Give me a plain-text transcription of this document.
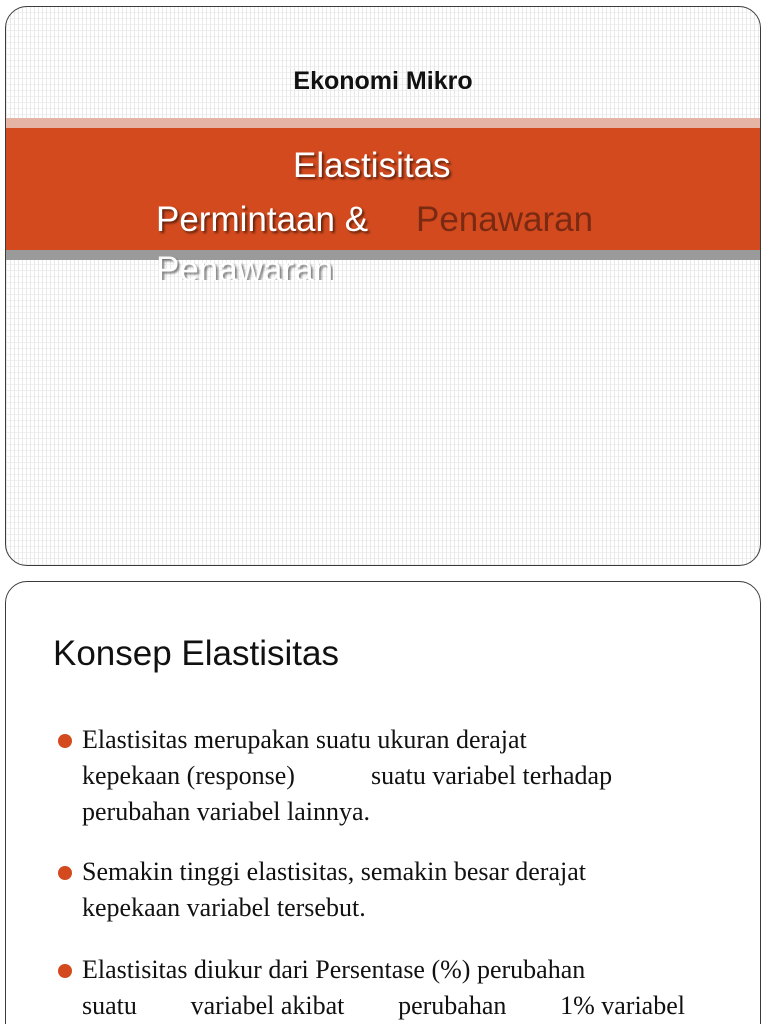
Ekonomi Mikro
Elastisitas
Permintaan & Penawaran
Penawaran
Konsep Elastisitas
Elastisitas merupakan suatu ukuran derajat
kepekaan (response)	suatu variabel terhadap
perubahan variabel lainnya.
Semakin tinggi elastisitas, semakin besar derajat
kepekaan variabel tersebut.
Elastisitas diukur dari Persentase (%) perubahan
suatu variabel akibat perubahan 1% variabel
